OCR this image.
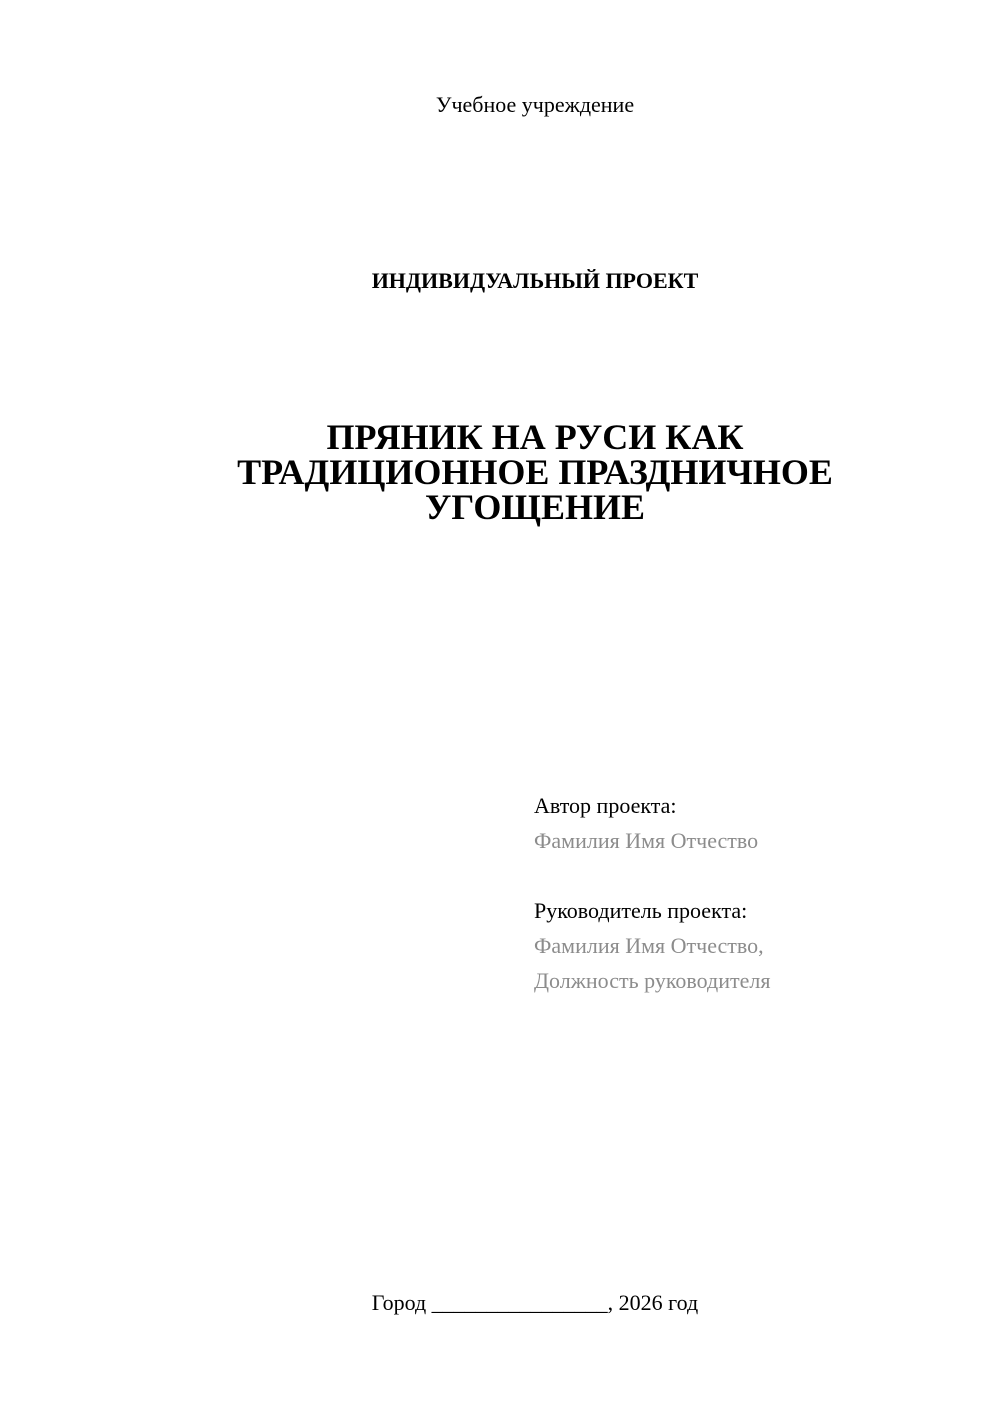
Учебное учреждение
ИНДИВИДУАЛЬНЫЙ ПРОЕКТ
ПРЯНИК НА РУСИ КАК
ТРАДИЦИОННОЕ ПРАЗДНИЧНОЕ
УГОЩЕНИЕ
Автор проекта:
Фамилия Имя Отчество
Руководитель проекта:
Фамилия Имя Отчество,
Должность руководителя
Город ________________, 2026 год
